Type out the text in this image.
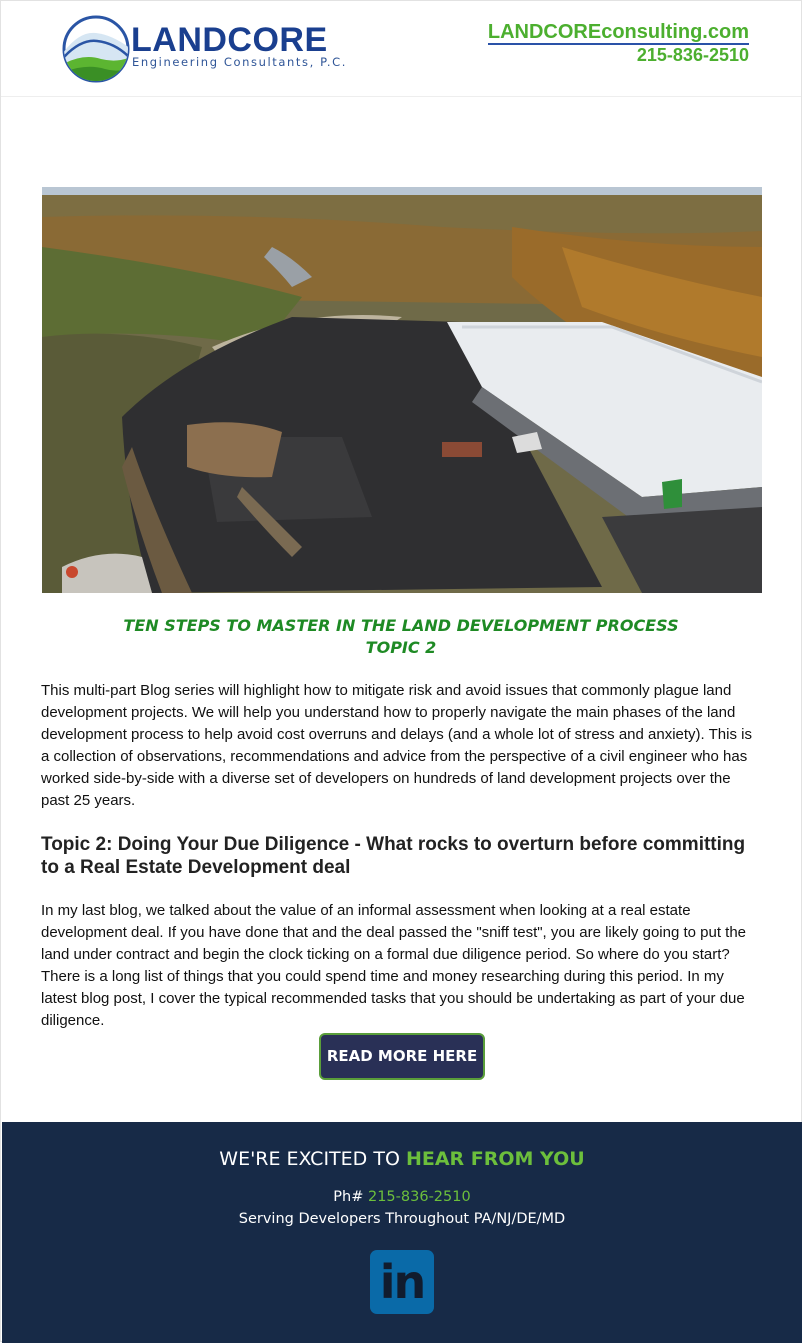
LANDCORE
Engineering Consultants, P.C.
LANDCOREconsulting.com
215-836-2510
TEN STEPS TO MASTER IN THE LAND DEVELOPMENT PROCESS
TOPIC 2
This multi-part Blog series will highlight how to mitigate risk and avoid issues that commonly plague land development projects. We will help you understand how to properly navigate the main phases of the land development process to help avoid cost overruns and delays (and a whole lot of stress and anxiety). This is a collection of observations, recommendations and advice from the perspective of a civil engineer who has worked side-by-side with a diverse set of developers on hundreds of land development projects over the past 25 years.
Topic 2: Doing Your Due Diligence - What rocks to overturn before committing to a Real Estate Development deal
In my last blog, we talked about the value of an informal assessment when looking at a real estate development deal. If you have done that and the deal passed the "sniff test", you are likely going to put the land under contract and begin the clock ticking on a formal due diligence period. So where do you start? There is a long list of things that you could spend time and money researching during this period. In my latest blog post, I cover the typical recommended tasks that you should be undertaking as part of your due diligence.
READ MORE HERE
WE'RE EXCITED TO HEAR FROM YOU
Ph# 215-836-2510
Serving Developers Throughout PA/NJ/DE/MD
in
